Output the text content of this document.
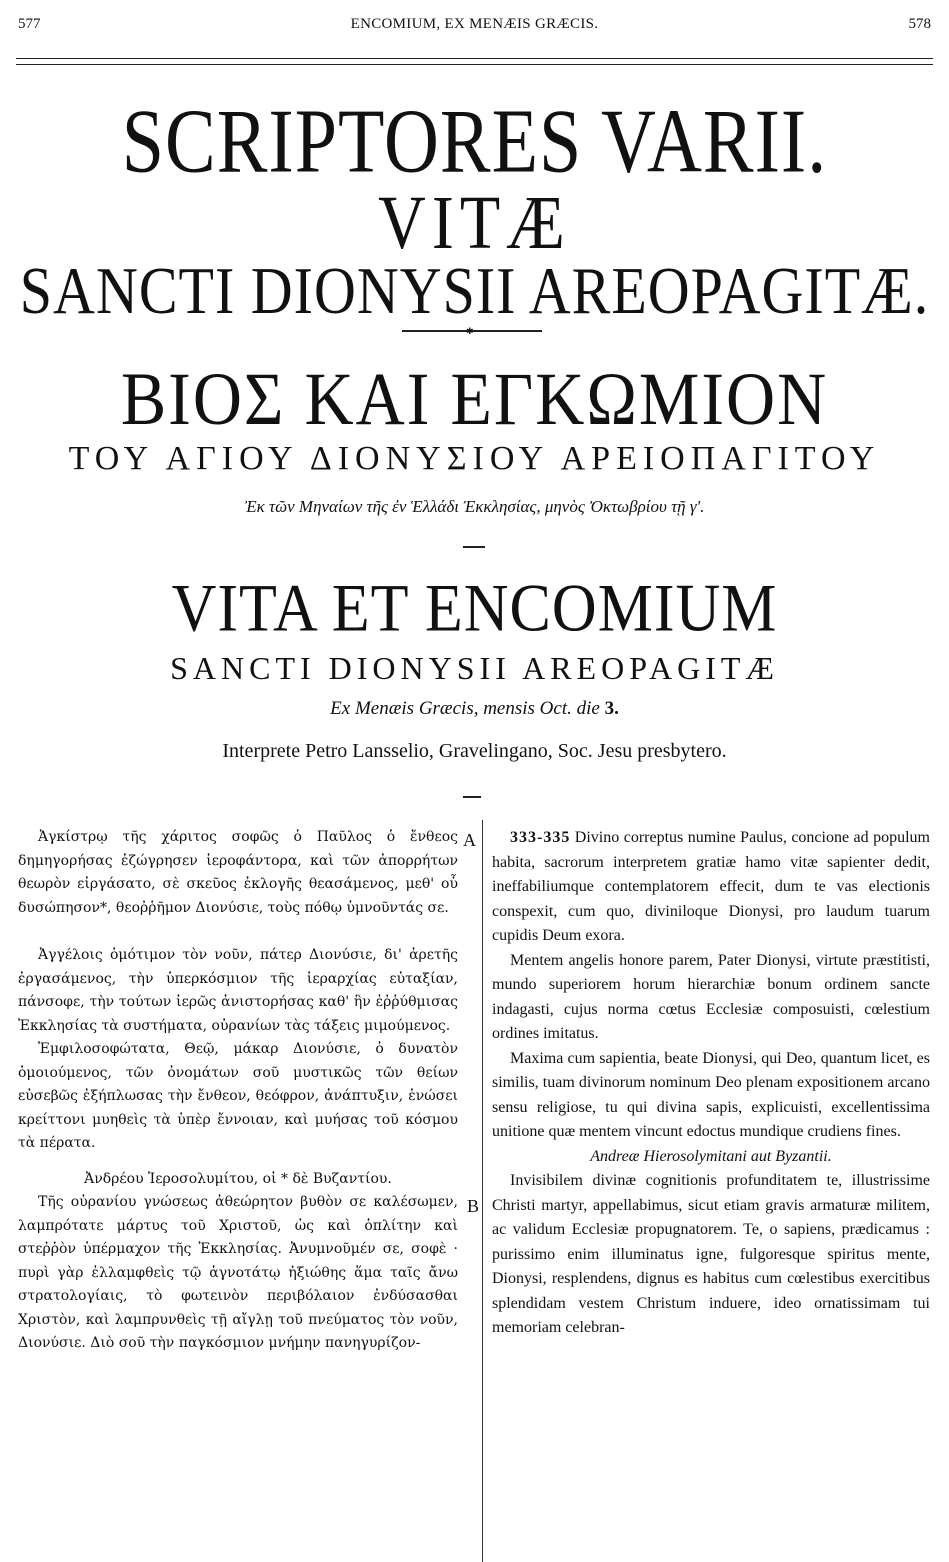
577	ENCOMIUM, EX MENÆIS GRÆCIS.	578
SCRIPTORES VARII.
VITÆ
SANCTI DIONYSII AREOPAGITÆ.
✱
ΒΙΟΣ ΚΑΙ ΕΓΚΩΜΙΟΝ
ΤΟΥ ΑΓΙΟΥ ΔΙΟΝΥΣΙΟΥ ΑΡΕΙΟΠΑΓΙΤΟΥ
Ἐκ τῶν Μηναίων τῆς ἐν Ἑλλάδι Ἐκκλησίας, μηνὸς Ὀκτωβρίου τῇ γ'.
VITA ET ENCOMIUM
SANCTI DIONYSII AREOPAGITÆ
Ex Menæis Græcis, mensis Oct. die 3.
Interprete Petro Lansselio, Gravelingano, Soc. Jesu presbytero.
A
B

Ἀγκίστρῳ τῆς χάριτος σοφῶς ὁ Παῦλος ὁ ἔνθεος δημηγορήσας ἐζώγρησεν ἱεροφάντορα, καὶ τῶν ἀπορρήτων θεωρὸν εἰργάσατο, σὲ σκεῦος ἐκλογῆς θεασάμενος, μεθ' οὗ δυσώπησον*, θεοῤῥῆμον Διονύσιε, τοὺς πόθῳ ὑμνοῦντάς σε.

Ἀγγέλοις ὁμότιμον τὸν νοῦν, πάτερ Διονύσιε, δι' ἀρετῆς ἐργασάμενος, τὴν ὑπερκόσμιον τῆς ἱεραρχίας εὐταξίαν, πάνσοφε, τὴν τούτων ἱερῶς ἀνιστορήσας καθ' ἣν ἐῤῥύθμισας Ἐκκλησίας τὰ συστήματα, οὐρανίων τὰς τάξεις μιμούμενος.

Ἐμφιλοσοφώτατα, Θεῷ, μάκαρ Διονύσιε, ὁ δυνατὸν ὁμοιούμενος, τῶν ὀνομάτων σοῦ μυστικῶς τῶν θείων εὐσεβῶς ἐξήπλωσας τὴν ἔνθεον, θεόφρον, ἀνάπτυξιν, ἑνώσει κρείττονι μυηθεὶς τὰ ὑπὲρ ἔννοιαν, καὶ μυήσας τοῦ κόσμου τὰ πέρατα.

Ἀνδρέου Ἱεροσολυμίτου, οἱ * δὲ Βυζαντίου.

Τῆς οὐρανίου γνώσεως ἀθεώρητον βυθὸν σε καλέσωμεν, λαμπρότατε μάρτυς τοῦ Χριστοῦ, ὡς καὶ ὁπλίτην καὶ στεῤῥὸν ὑπέρμαχον τῆς Ἐκκλησίας. Ἀνυμνοῦμέν σε, σοφὲ · πυρὶ γὰρ ἐλλαμφθεὶς τῷ ἁγνοτάτῳ ἠξιώθης ἅμα ταῖς ἄνω στρατολογίαις, τὸ φωτεινὸν περιβόλαιον ἐνδύσασθαι Χριστὸν, καὶ λαμπρυνθεὶς τῇ αἴγλῃ τοῦ πνεύματος τὸν νοῦν, Διονύσιε. Διὸ σοῦ τὴν παγκόσμιον μνήμην πανηγυρίζον-

333-335 Divino correptus numine Paulus, concione ad populum habita, sacrorum interpretem gratiæ hamo vitæ sapienter dedit, ineffabiliumque contemplatorem effecit, dum te vas electionis conspexit, cum quo, diviniloque Dionysi, pro laudum tuarum cupidis Deum exora.

Mentem angelis honore parem, Pater Dionysi, virtute præstitisti, mundo superiorem horum hierarchiæ bonum ordinem sancte indagasti, cujus norma cœtus Ecclesiæ composuisti, cœlestium ordines imitatus.

Maxima cum sapientia, beate Dionysi, qui Deo, quantum licet, es similis, tuam divinorum nominum Deo plenam expositionem arcano sensu religiose, tu qui divina sapis, explicuisti, excellentissima unitione quæ mentem vincunt edoctus mundique crudiens fines.

Andreæ Hierosolymitani aut Byzantii.

Invisibilem divinæ cognitionis profunditatem te, illustrissime Christi martyr, appellabimus, sicut etiam gravis armaturæ militem, ac validum Ecclesiæ propugnatorem. Te, o sapiens, prædicamus : purissimo enim illuminatus igne, fulgoresque spiritus mente, Dionysi, resplendens, dignus es habitus cum cœlestibus exercitibus splendidam vestem Christum induere, ideo ornatissimam tui memoriam celebran-
